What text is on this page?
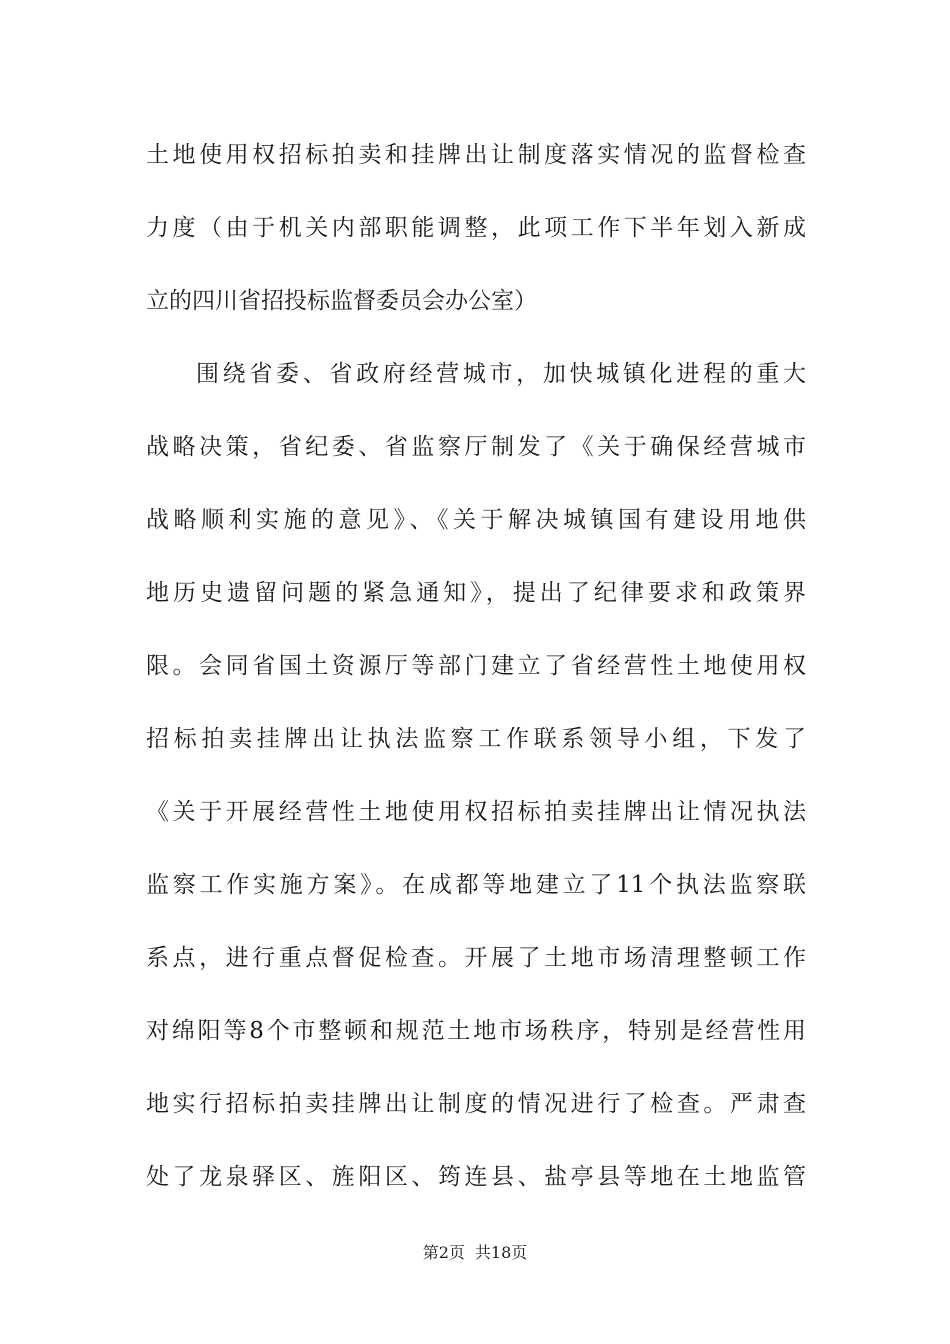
土地使用权招标拍卖和挂牌出让制度落实情况的监督检查
力度（由于机关内部职能调整，此项工作下半年划入新成
立的四川省招投标监督委员会办公室）
围绕省委、省政府经营城市，加快城镇化进程的重大
战略决策，省纪委、省监察厅制发了《关于确保经营城市
战略顺利实施的意见》、《关于解决城镇国有建设用地供
地历史遗留问题的紧急通知》，提出了纪律要求和政策界
限。会同省国土资源厅等部门建立了省经营性土地使用权
招标拍卖挂牌出让执法监察工作联系领导小组，下发了
《关于开展经营性土地使用权招标拍卖挂牌出让情况执法
监察工作实施方案》。在成都等地建立了11个执法监察联
系点，进行重点督促检查。开展了土地市场清理整顿工作
对绵阳等8个市整顿和规范土地市场秩序，特别是经营性用
地实行招标拍卖挂牌出让制度的情况进行了检查。严肃查
处了龙泉驿区、旌阳区、筠连县、盐亭县等地在土地监管
第2页 共18页
